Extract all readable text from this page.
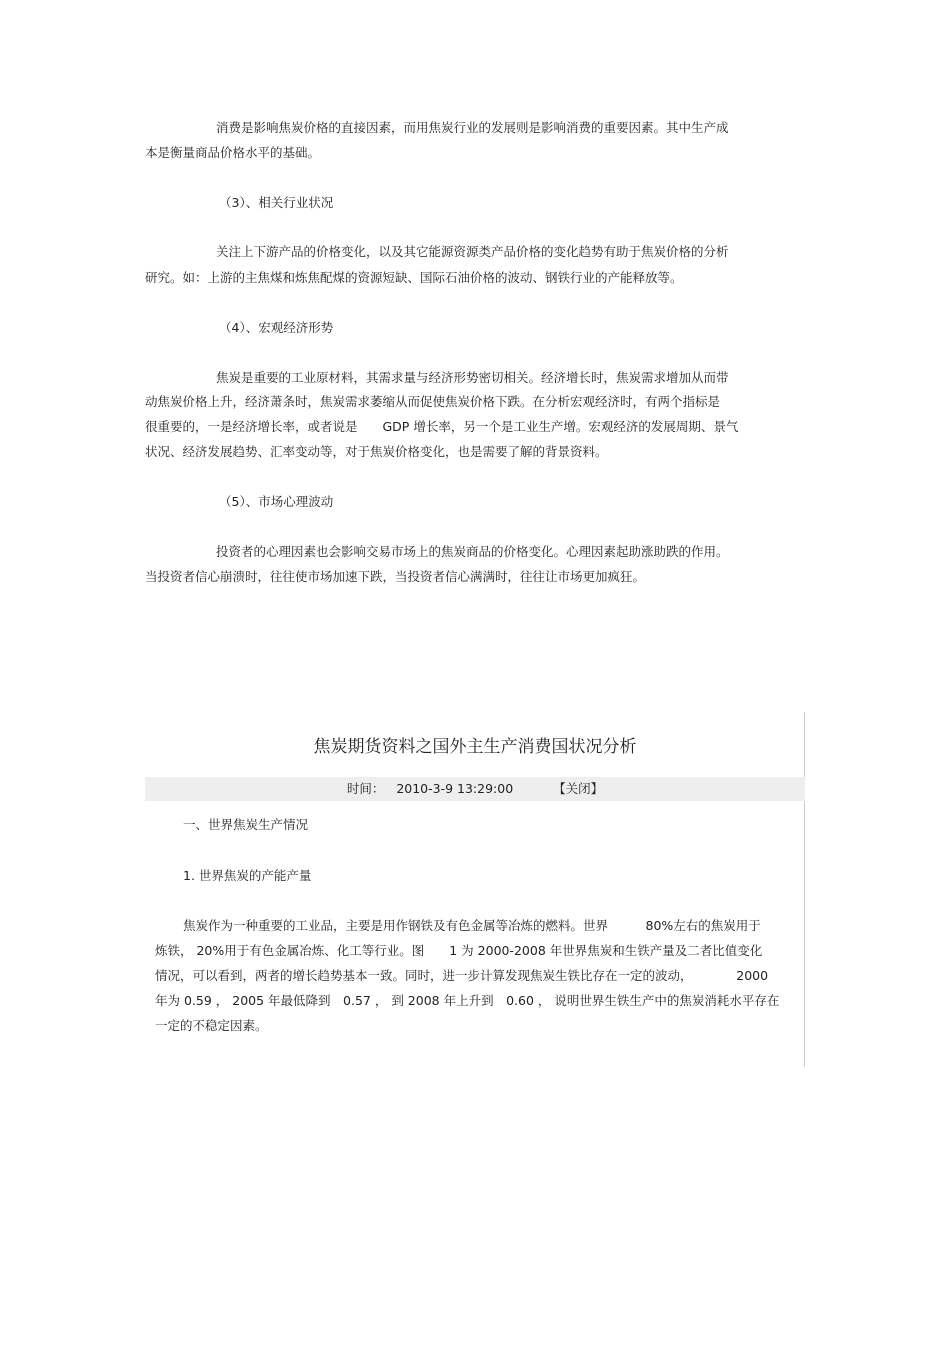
消费是影响焦炭价格的直接因素，而用焦炭行业的发展则是影响消费的重要因素。其中生产成
本是衡量商品价格水平的基础。
（3）、相关行业状况
关注上下游产品的价格变化，以及其它能源资源类产品价格的变化趋势有助于焦炭价格的分析
研究。如：上游的主焦煤和炼焦配煤的资源短缺、国际石油价格的波动、钢铁行业的产能释放等。
（4）、宏观经济形势
焦炭是重要的工业原材料，其需求量与经济形势密切相关。经济增长时，焦炭需求增加从而带
动焦炭价格上升，经济萧条时，焦炭需求萎缩从而促使焦炭价格下跌。在分析宏观经济时，有两个指标是
很重要的，一是经济增长率，或者说是　　GDP 增长率，另一个是工业生产增。宏观经济的发展周期、景气
状况、经济发展趋势、汇率变动等，对于焦炭价格变化，也是需要了解的背景资料。
（5）、市场心理波动
投资者的心理因素也会影响交易市场上的焦炭商品的价格变化。心理因素起助涨助跌的作用。
当投资者信心崩溃时，往往使市场加速下跌，当投资者信心满满时，往往让市场更加疯狂。
焦炭期货资料之国外主生产消费国状况分析
时间： 2010-3-9 13:29:00	【关闭】
一、世界焦炭生产情况
1. 世界焦炭的产能产量
焦炭作为一种重要的工业品，主要是用作钢铁及有色金属等冶炼的燃料。世界　　　80%左右的焦炭用于
炼铁， 20%用于有色金属冶炼、化工等行业。图　　1 为 2000-2008 年世界焦炭和生铁产量及二者比值变化
情况，可以看到，两者的增长趋势基本一致。同时，进一步计算发现焦炭生铁比存在一定的波动，　　　　2000
年为 0.59 ， 2005 年最低降到　0.57 ， 到 2008 年上升到　0.60 ， 说明世界生铁生产中的焦炭消耗水平存在
一定的不稳定因素。
